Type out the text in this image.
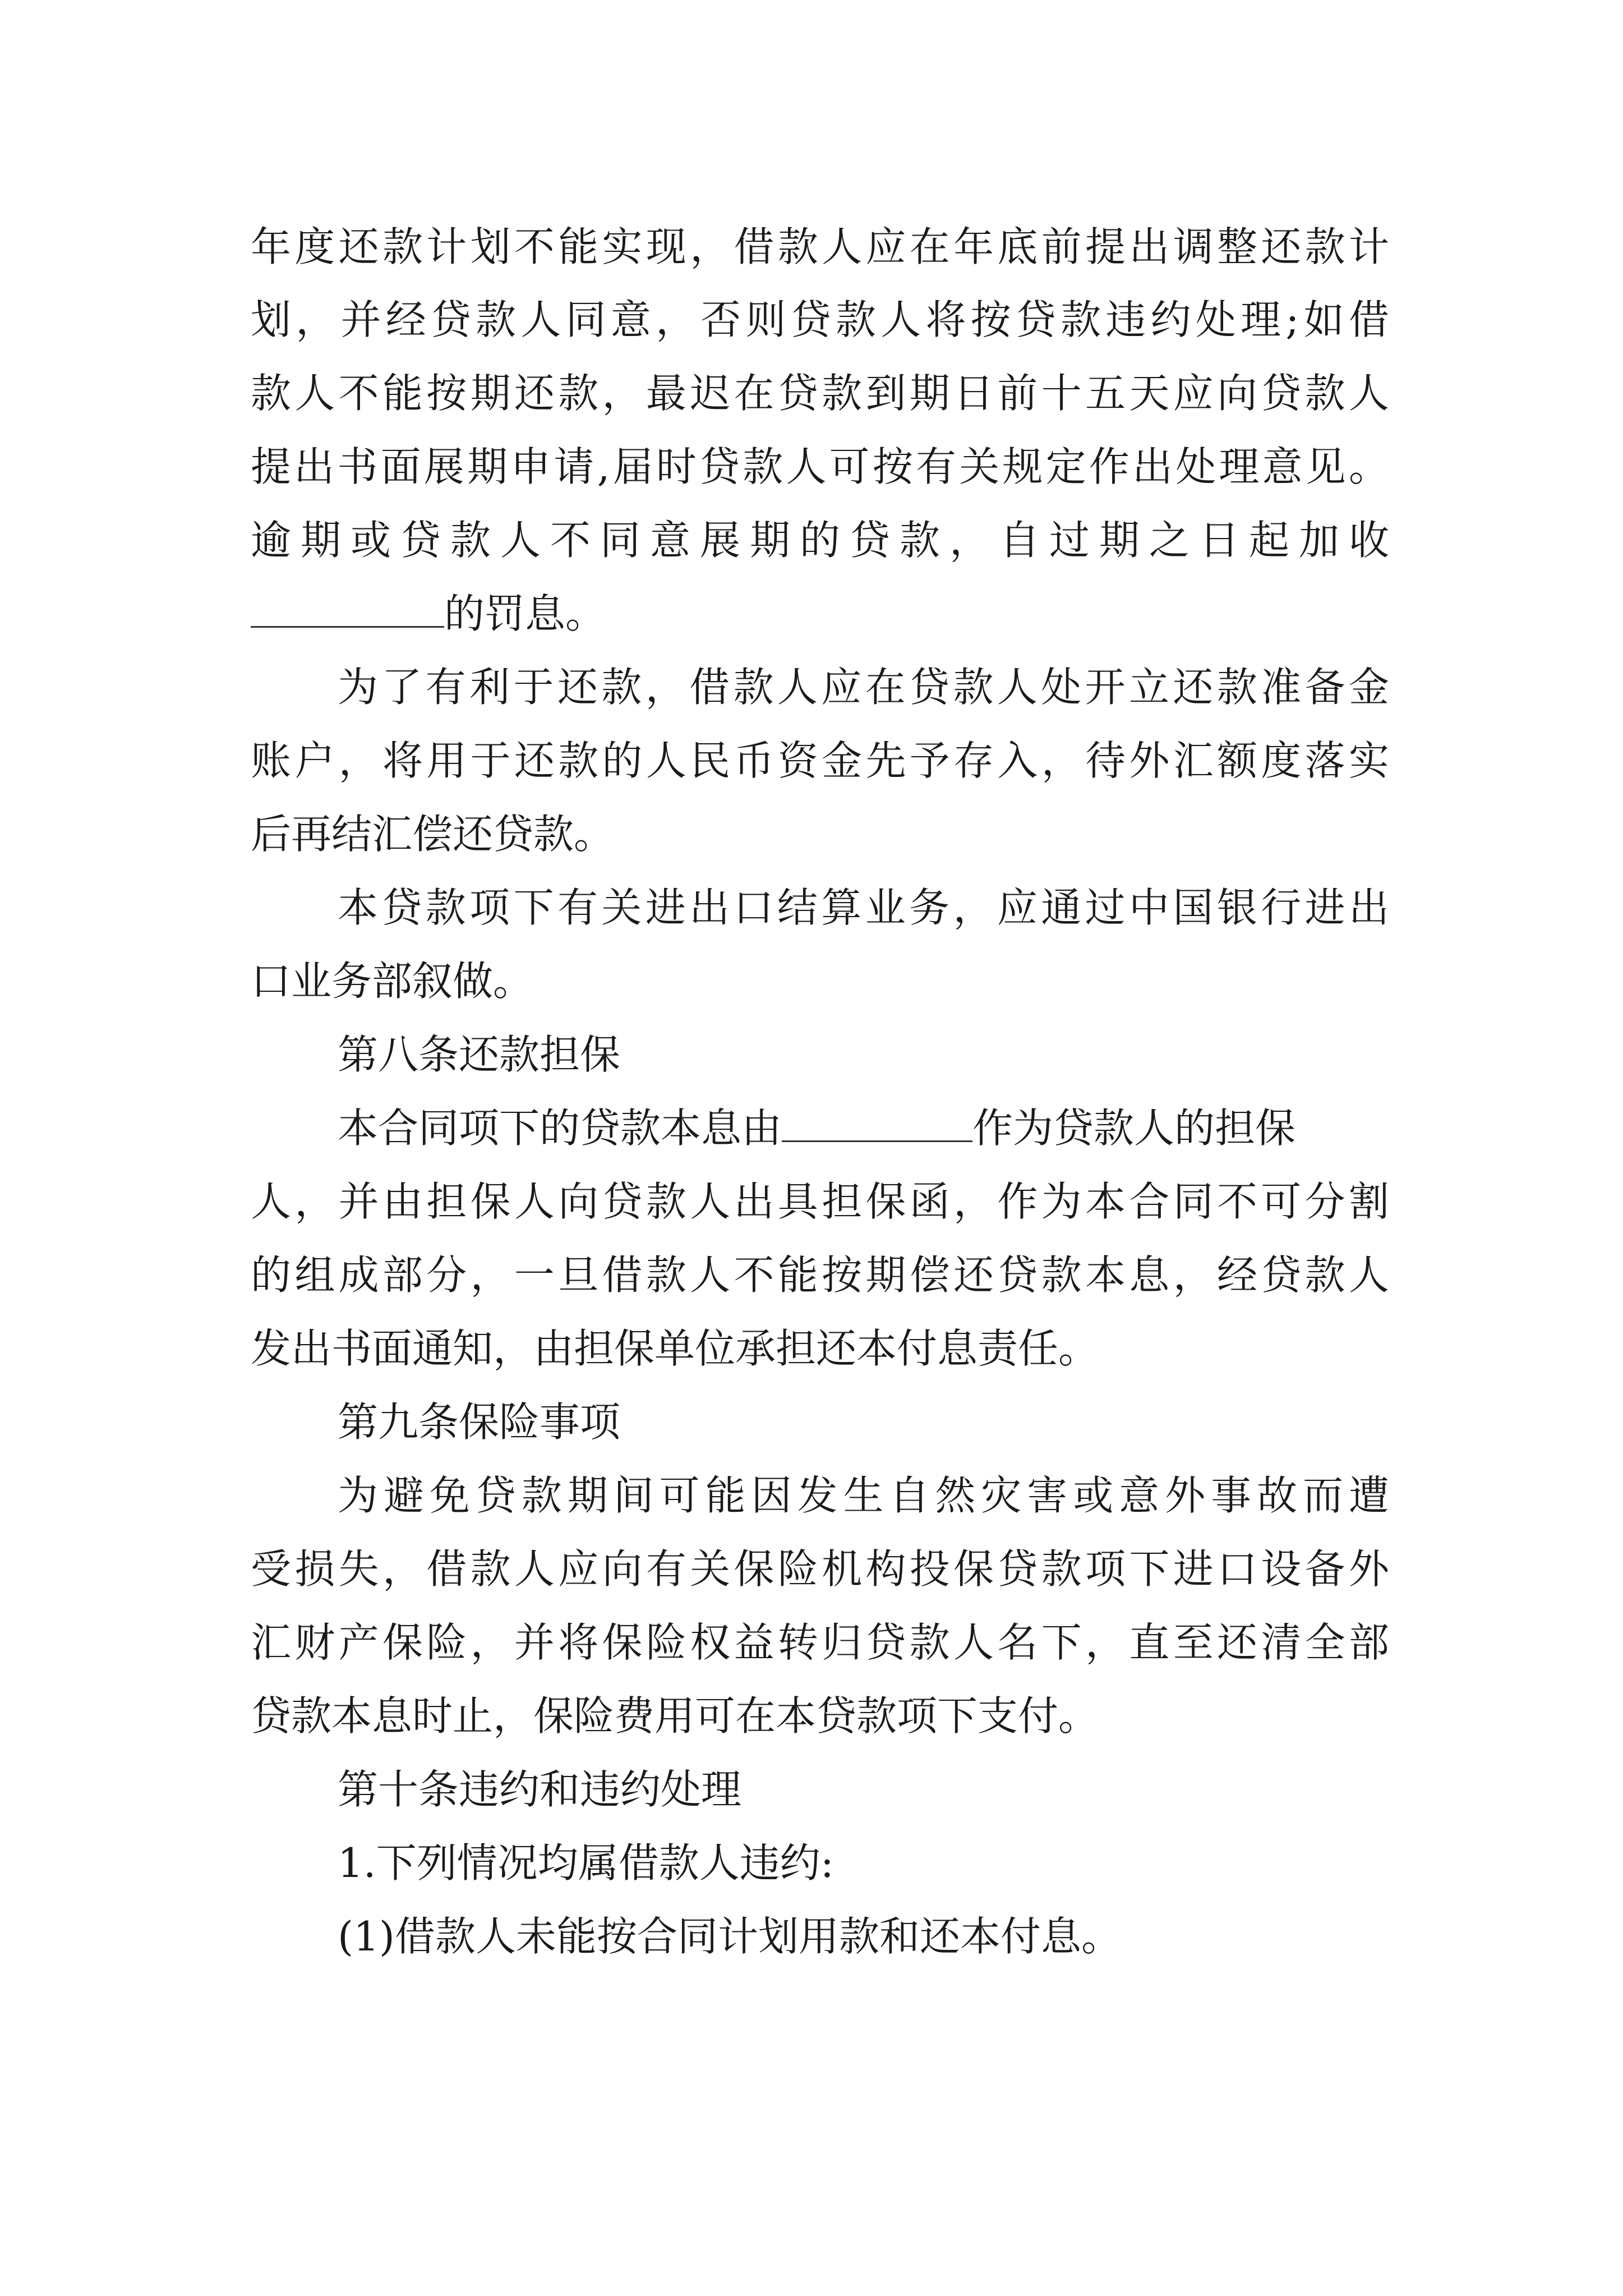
年度还款计划不能实现，借款人应在年底前提出调整还款计
划，并经贷款人同意，否则贷款人将按贷款违约处理;如借
款人不能按期还款，最迟在贷款到期日前十五天应向贷款人
提出书面展期申请,届时贷款人可按有关规定作出处理意见。
逾期或贷款人不同意展期的贷款，自过期之日起加收
的罚息。
为了有利于还款，借款人应在贷款人处开立还款准备金
账户，将用于还款的人民币资金先予存入，待外汇额度落实
后再结汇偿还贷款。
本贷款项下有关进出口结算业务，应通过中国银行进出
口业务部叙做。
第八条还款担保
本合同项下的贷款本息由	作为贷款人的担保
人，并由担保人向贷款人出具担保函，作为本合同不可分割
的组成部分，一旦借款人不能按期偿还贷款本息，经贷款人
发出书面通知，由担保单位承担还本付息责任。
第九条保险事项
为避免贷款期间可能因发生自然灾害或意外事故而遭
受损失，借款人应向有关保险机构投保贷款项下进口设备外
汇财产保险，并将保险权益转归贷款人名下，直至还清全部
贷款本息时止，保险费用可在本贷款项下支付。
第十条违约和违约处理
1.下列情况均属借款人违约:
(1)借款人未能按合同计划用款和还本付息。
